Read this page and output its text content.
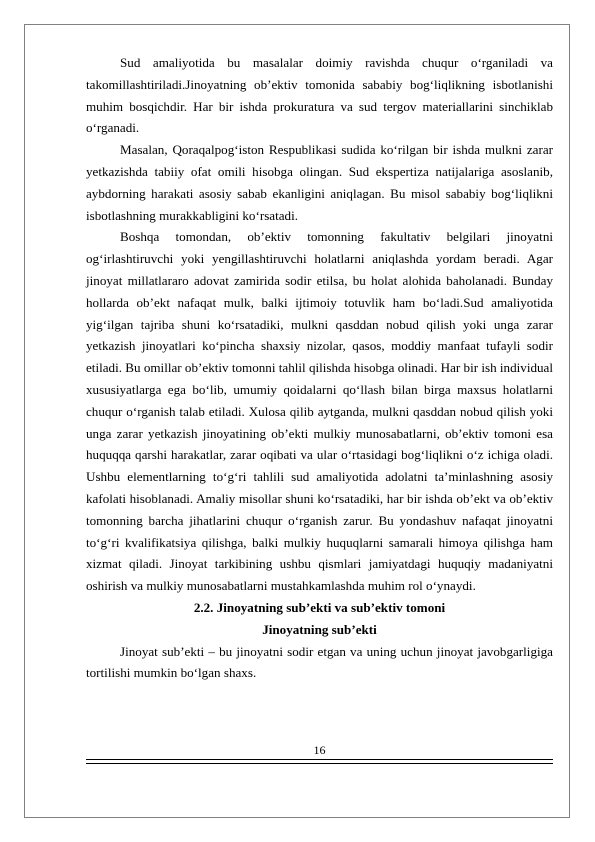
Sud amaliyotida bu masalalar doimiy ravishda chuqur o‘rganiladi va takomillashtiriladi.Jinoyatning ob’ektiv tomonida sababiy bog‘liqlikning isbotlanishi muhim bosqichdir. Har bir ishda prokuratura va sud tergov materiallarini sinchiklab o‘rganadi.

Masalan, Qoraqalpog‘iston Respublikasi sudida ko‘rilgan bir ishda mulkni zarar yetkazishda tabiiy ofat omili hisobga olingan. Sud ekspertiza natijalariga asoslanib, aybdorning harakati asosiy sabab ekanligini aniqlagan. Bu misol sababiy bog‘liqlikni isbotlashning murakkabligini ko‘rsatadi.

Boshqa tomondan, ob’ektiv tomonning fakultativ belgilari jinoyatni og‘irlashtiruvchi yoki yengillashtiruvchi holatlarni aniqlashda yordam beradi. Agar jinoyat millatlararo adovat zamirida sodir etilsa, bu holat alohida baholanadi. Bunday hollarda ob’ekt nafaqat mulk, balki ijtimoiy totuvlik ham bo‘ladi.Sud amaliyotida yig‘ilgan tajriba shuni ko‘rsatadiki, mulkni qasddan nobud qilish yoki unga zarar yetkazish jinoyatlari ko‘pincha shaxsiy nizolar, qasos, moddiy manfaat tufayli sodir etiladi. Bu omillar ob’ektiv tomonni tahlil qilishda hisobga olinadi. Har bir ish individual xususiyatlarga ega bo‘lib, umumiy qoidalarni qo‘llash bilan birga maxsus holatlarni chuqur o‘rganish talab etiladi. Xulosa qilib aytganda, mulkni qasddan nobud qilish yoki unga zarar yetkazish jinoyatining ob’ekti mulkiy munosabatlarni, ob’ektiv tomoni esa huquqqa qarshi harakatlar, zarar oqibati va ular o‘rtasidagi bog‘liqlikni o‘z ichiga oladi. Ushbu elementlarning to‘g‘ri tahlili sud amaliyotida adolatni ta’minlashning asosiy kafolati hisoblanadi. Amaliy misollar shuni ko‘rsatadiki, har bir ishda ob’ekt va ob’ektiv tomonning barcha jihatlarini chuqur o‘rganish zarur. Bu yondashuv nafaqat jinoyatni to‘g‘ri kvalifikatsiya qilishga, balki mulkiy huquqlarni samarali himoya qilishga ham xizmat qiladi. Jinoyat tarkibining ushbu qismlari jamiyatdagi huquqiy madaniyatni oshirish va mulkiy munosabatlarni mustahkamlashda muhim rol o‘ynaydi.

2.2. Jinoyatning sub’ekti va sub’ektiv tomoni

Jinoyatning sub’ekti

Jinoyat sub’ekti – bu jinoyatni sodir etgan va uning uchun jinoyat javobgarligiga tortilishi mumkin bo‘lgan shaxs.

16
